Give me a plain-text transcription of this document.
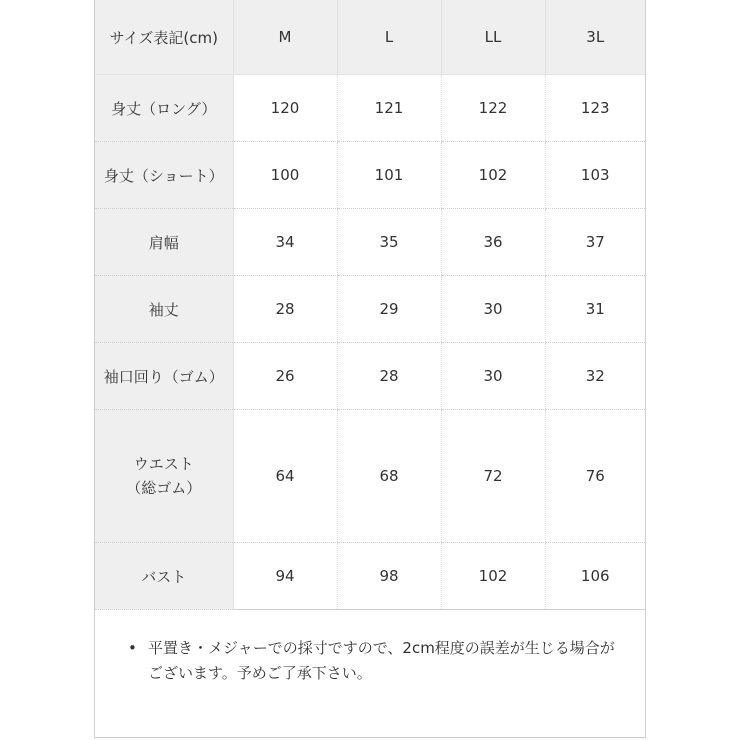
サイズ表記(cm)	M	L	LL	3L
身丈（ロング）	120	121	122	123
身丈（ショート）	100	101	102	103
肩幅	34	35	36	37
袖丈	28	29	30	31
袖口回り（ゴム）	26	28	30	32
ウエスト
（総ゴム）	64	68	72	76
バスト	94	98	102	106
• 平置き・メジャーでの採寸ですので、2cm程度の誤差が生じる場合がございます。予めご了承下さい。
